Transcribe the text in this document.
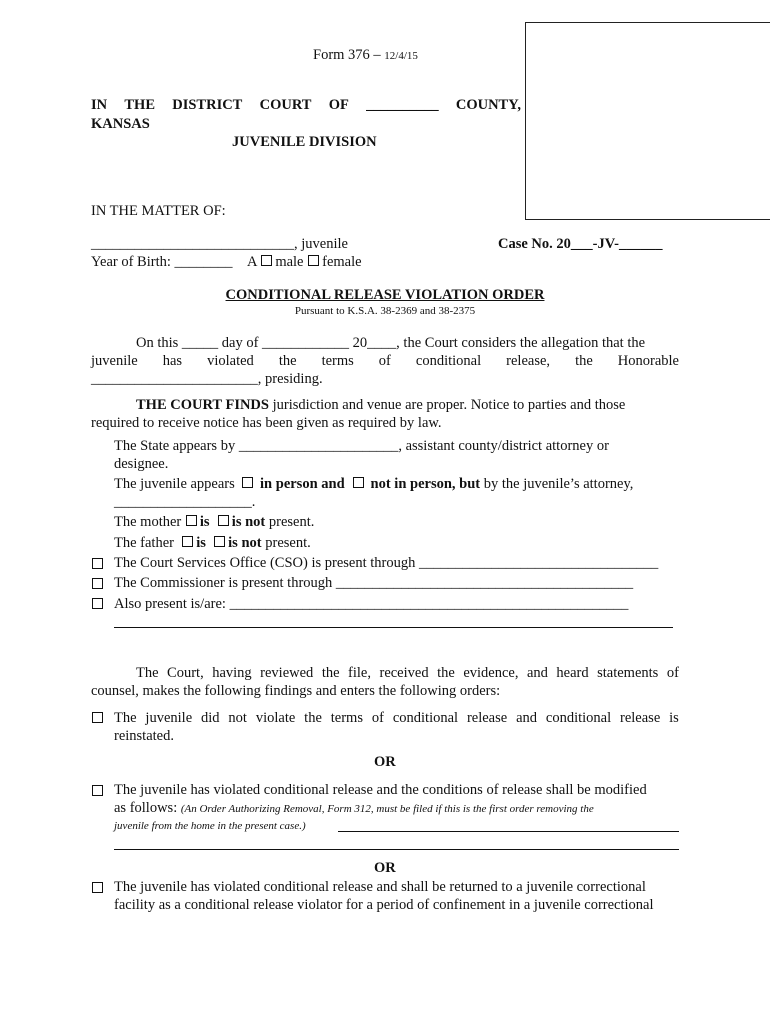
Form 376 – 12/4/15
IN THE DISTRICT COURT OF __________ COUNTY,
KANSAS
JUVENILE DIVISION
IN THE MATTER OF:
____________________________, juvenile	Case No. 20___-JV-______
Year of Birth: ________ A male female
CONDITIONAL RELEASE VIOLATION ORDER
Pursuant to K.S.A. 38-2369 and 38-2375
On this _____ day of ____________ 20____, the Court considers the allegation that the
juvenile has violated the terms of conditional release, the Honorable
_______________________, presiding.
THE COURT FINDS jurisdiction and venue are proper. Notice to parties and those
required to receive notice has been given as required by law.
The State appears by ______________________, assistant county/district attorney or
designee.
The juvenile appears in person and not in person, but by the juvenile’s attorney,
___________________.
The mother is is not present.
The father is is not present.
The Court Services Office (CSO) is present through _________________________________
The Commissioner is present through _________________________________________
Also present is/are: _______________________________________________________
The Court, having reviewed the file, received the evidence, and heard statements of
counsel, makes the following findings and enters the following orders:
The juvenile did not violate the terms of conditional release and conditional release is
reinstated.
OR
The juvenile has violated conditional release and the conditions of release shall be modified
as follows: (An Order Authorizing Removal, Form 312, must be filed if this is the first order removing the
juvenile from the home in the present case.)
OR
The juvenile has violated conditional release and shall be returned to a juvenile correctional
facility as a conditional release violator for a period of confinement in a juvenile correctional
